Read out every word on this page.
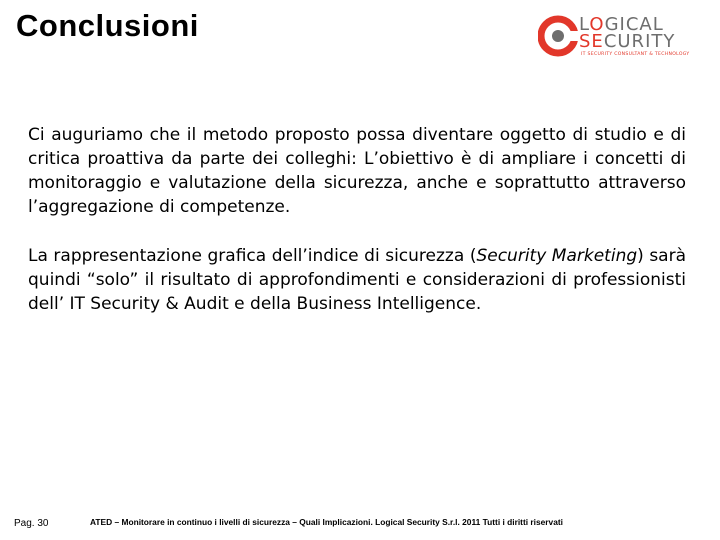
Conclusioni	LOGICAL
SECURITY
IT SECURITY CONSULTANT & TECHNOLOGY

Ci auguriamo che il metodo proposto possa diventare oggetto di studio e di critica proattiva da parte dei colleghi: L’obiettivo è di ampliare i concetti di monitoraggio e valutazione della sicurezza, anche e soprattutto attraverso l’aggregazione di competenze.

La rappresentazione grafica dell’indice di sicurezza (Security Marketing) sarà quindi “solo” il risultato di approfondimenti e considerazioni di professionisti dell’ IT Security & Audit e della Business Intelligence.

Pag. 30	ATED – Monitorare in continuo i livelli di sicurezza – Quali Implicazioni. Logical Security S.r.l. 2011 Tutti i diritti riservati
